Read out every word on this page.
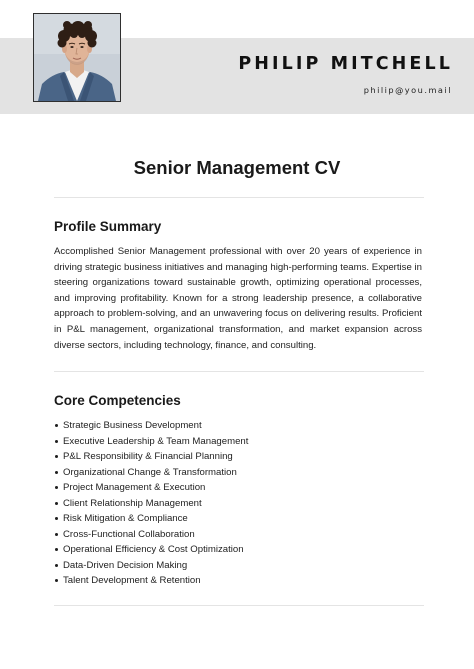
PHILIP MITCHELL
philip@you.mail
Senior Management CV
Profile Summary

Accomplished Senior Management professional with over 20 years of experience in driving strategic business initiatives and managing high-performing teams. Expertise in steering organizations toward sustainable growth, optimizing operational processes, and improving profitability. Known for a strong leadership presence, a collaborative approach to problem-solving, and an unwavering focus on delivering results. Proficient in P&L management, organizational transformation, and market expansion across diverse sectors, including technology, finance, and consulting.

Core Competencies
Strategic Business Development
Executive Leadership & Team Management
P&L Responsibility & Financial Planning
Organizational Change & Transformation
Project Management & Execution
Client Relationship Management
Risk Mitigation & Compliance
Cross-Functional Collaboration
Operational Efficiency & Cost Optimization
Data-Driven Decision Making
Talent Development & Retention
